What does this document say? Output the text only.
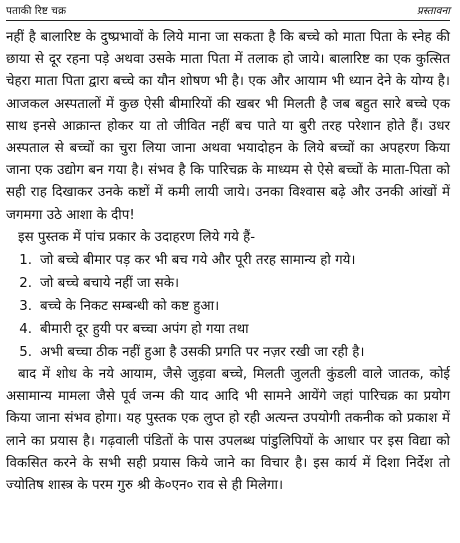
पताकी रिष्ट चक्र	प्रस्तावना

नहीं है बालारिष्ट के दुष्प्रभावों के लिये माना जा सकता है कि बच्चे को माता पिता के स्नेह की छाया से दूर रहना पड़े अथवा उसके माता पिता में तलाक हो जाये। बालारिष्ट का एक कुत्सित चेहरा माता पिता द्वारा बच्चे का यौन शोषण भी है। एक और आयाम भी ध्यान देने के योग्य है। आजकल अस्पतालों में कुछ ऐसी बीमारियों की खबर भी मिलती है जब बहुत सारे बच्चे एक साथ इनसे आक्रान्त होकर या तो जीवित नहीं बच पाते या बुरी तरह परेशान होते हैं। उधर अस्पताल से बच्चों का चुरा लिया जाना अथवा भयादोहन के लिये बच्चों का अपहरण किया जाना एक उद्योग बन गया है। संभव है कि पारिचक्र के माध्यम से ऐसे बच्चों के माता-पिता को सही राह दिखाकर उनके कष्टों में कमी लायी जाये। उनका विश्वास बढ़े और उनकी आंखों में जगमगा उठे आशा के दीप!

इस पुस्तक में पांच प्रकार के उदाहरण लिये गये हैं-

1. जो बच्चे बीमार पड़ कर भी बच गये और पूरी तरह सामान्य हो गये।
2. जो बच्चे बचाये नहीं जा सके।
3. बच्चे के निकट सम्बन्धी को कष्ट हुआ।
4. बीमारी दूर हुयी पर बच्चा अपंग हो गया तथा
5. अभी बच्चा ठीक नहीं हुआ है उसकी प्रगति पर नज़र रखी जा रही है।

बाद में शोध के नये आयाम, जैसे जुड़वा बच्चे, मिलती जुलती कुंडली वाले जातक, कोई असामान्य मामला जैसे पूर्व जन्म की याद आदि भी सामने आयेंगे जहां पारिचक्र का प्रयोग किया जाना संभव होगा। यह पुस्तक एक लुप्त हो रही अत्यन्त उपयोगी तकनीक को प्रकाश में लाने का प्रयास है। गढ़वाली पंडितों के पास उपलब्ध पांडुलिपियों के आधार पर इस विद्या को विकसित करने के सभी सही प्रयास किये जाने का विचार है। इस कार्य में दिशा निर्देश तो ज्योतिष शास्त्र के परम गुरु श्री के०एन० राव से ही मिलेगा।
